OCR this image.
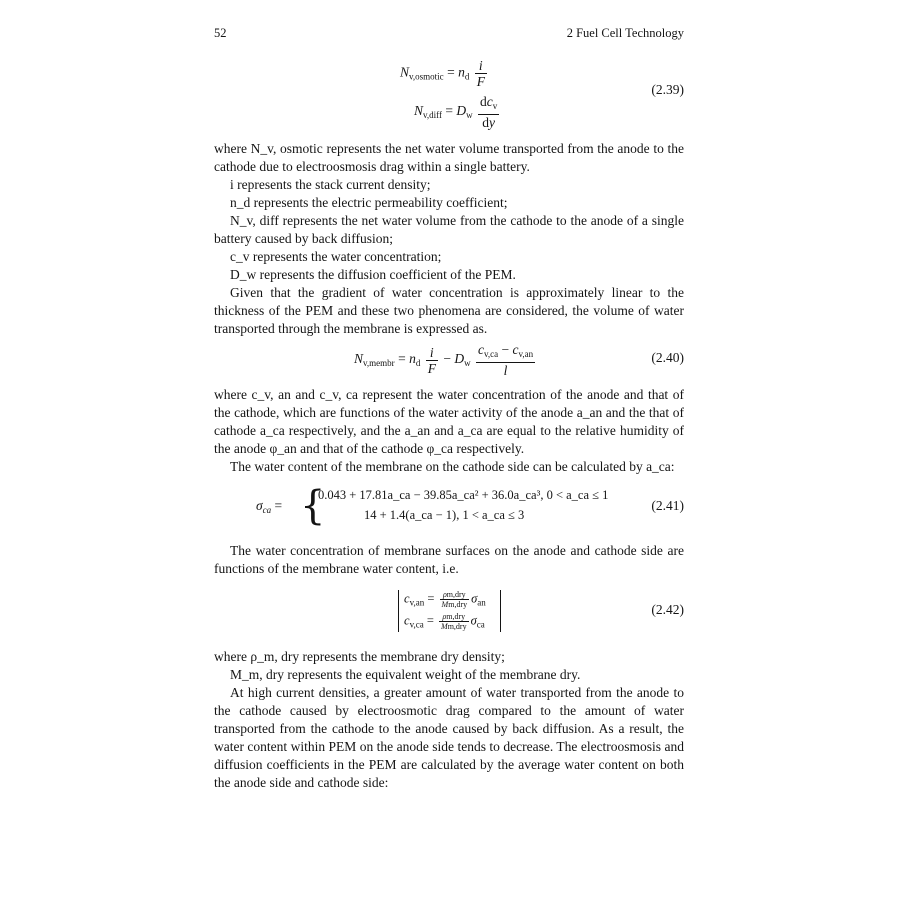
52	2 Fuel Cell Technology
$N_{v,osmotic} = n_d \frac{i}{F}$
$N_{v,diff} = D_w \frac{dc_v}{dy}$
(2.39)

where N_v, osmotic represents the net water volume transported from the anode to the cathode due to electroosmosis drag within a single battery.

i represents the stack current density;

n_d represents the electric permeability coefficient;

N_v, diff represents the net water volume from the cathode to the anode of a single battery caused by back diffusion;

c_v represents the water concentration;

D_w represents the diffusion coefficient of the PEM.

Given that the gradient of water concentration is approximately linear to the thickness of the PEM and these two phenomena are considered, the volume of water transported through the membrane is expressed as.

$N_{v,membr} = n_d \frac{i}{F} - D_w \frac{c_{v,ca} - c_{v,an}}{l}$	(2.40)

where c_v, an and c_v, ca represent the water concentration of the anode and that of the cathode, which are functions of the water activity of the anode a_an and the that of cathode a_ca respectively, and the a_an and a_ca are equal to the relative humidity of the anode φ_an and that of the cathode φ_ca respectively.

The water content of the membrane on the cathode side can be calculated by a_ca:

$\sigma_{ca}$ = {
0.043 + 17.81a_ca − 39.85a_ca² + 36.0a_ca³, 0 < a_ca ≤ 1
14 + 1.4(a_ca − 1), 1 < a_ca ≤ 3
(2.41)

The water concentration of membrane surfaces on the anode and cathode side are functions of the membrane water content, i.e.

$c_{v,an} = \frac{\text{ρm,dry}}{\text{Mm,dry}} \sigma_{an}$
$c_{v,ca} = \frac{\text{ρm,dry}}{\text{Mm,dry}} \sigma_{ca}$
(2.42)

where ρ_m, dry represents the membrane dry density;

M_m, dry represents the equivalent weight of the membrane dry.

At high current densities, a greater amount of water transported from the anode to the cathode caused by electroosmotic drag compared to the amount of water transported from the cathode to the anode caused by back diffusion. As a result, the water content within PEM on the anode side tends to decrease. The electroosmosis and diffusion coefficients in the PEM are calculated by the average water content on both the anode side and cathode side:
